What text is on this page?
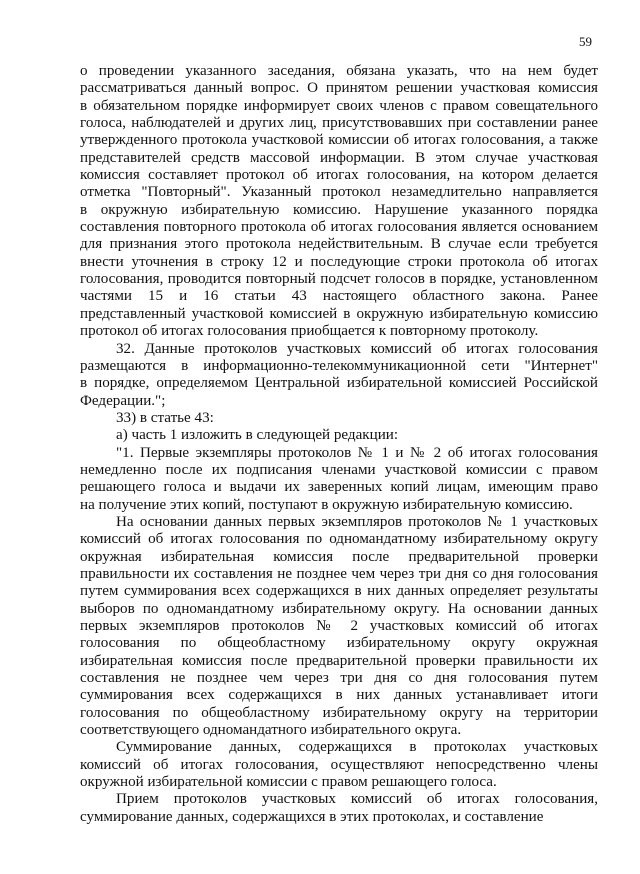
59
о проведении указанного заседания, обязана указать, что на нем будет
рассматриваться данный вопрос. О принятом решении участковая комиссия
в обязательном порядке информирует своих членов с правом совещательного
голоса, наблюдателей и других лиц, присутствовавших при составлении ранее
утвержденного протокола участковой комиссии об итогах голосования, а также
представителей средств массовой информации. В этом случае участковая
комиссия составляет протокол об итогах голосования, на котором делается
отметка "Повторный". Указанный протокол незамедлительно направляется
в окружную избирательную комиссию. Нарушение указанного порядка
составления повторного протокола об итогах голосования является основанием
для признания этого протокола недействительным. В случае если требуется
внести уточнения в строку 12 и последующие строки протокола об итогах
голосования, проводится повторный подсчет голосов в порядке, установленном
частями 15 и 16 статьи 43 настоящего областного закона. Ранее
представленный участковой комиссией в окружную избирательную комиссию
протокол об итогах голосования приобщается к повторному протоколу.
32. Данные протоколов участковых комиссий об итогах голосования
размещаются в информационно-телекоммуникационной сети "Интернет"
в порядке, определяемом Центральной избирательной комиссией Российской
Федерации.";
33) в статье 43:
а) часть 1 изложить в следующей редакции:
"1. Первые экземпляры протоколов № 1 и № 2 об итогах голосования
немедленно после их подписания членами участковой комиссии с правом
решающего голоса и выдачи их заверенных копий лицам, имеющим право
на получение этих копий, поступают в окружную избирательную комиссию.
На основании данных первых экземпляров протоколов № 1 участковых
комиссий об итогах голосования по одномандатному избирательному округу
окружная избирательная комиссия после предварительной проверки
правильности их составления не позднее чем через три дня со дня голосования
путем суммирования всех содержащихся в них данных определяет результаты
выборов по одномандатному избирательному округу. На основании данных
первых экземпляров протоколов № 2 участковых комиссий об итогах
голосования по общеобластному избирательному округу окружная
избирательная комиссия после предварительной проверки правильности их
составления не позднее чем через три дня со дня голосования путем
суммирования всех содержащихся в них данных устанавливает итоги
голосования по общеобластному избирательному округу на территории
соответствующего одномандатного избирательного округа.
Суммирование данных, содержащихся в протоколах участковых
комиссий об итогах голосования, осуществляют непосредственно члены
окружной избирательной комиссии с правом решающего голоса.
Прием протоколов участковых комиссий об итогах голосования,
суммирование данных, содержащихся в этих протоколах, и составление
